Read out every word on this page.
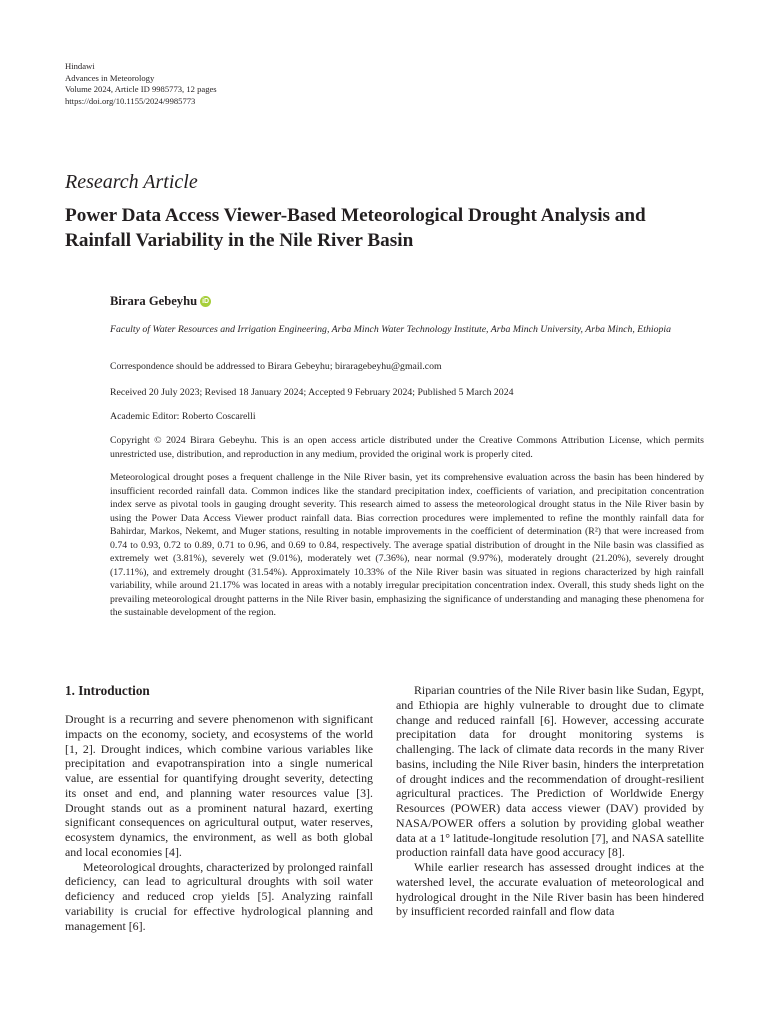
Hindawi
Advances in Meteorology
Volume 2024, Article ID 9985773, 12 pages
https://doi.org/10.1155/2024/9985773
Research Article
Power Data Access Viewer-Based Meteorological Drought Analysis and Rainfall Variability in the Nile River Basin
Birara Gebeyhu iD
Faculty of Water Resources and Irrigation Engineering, Arba Minch Water Technology Institute, Arba Minch University, Arba Minch, Ethiopia
Correspondence should be addressed to Birara Gebeyhu; biraragebeyhu@gmail.com
Received 20 July 2023; Revised 18 January 2024; Accepted 9 February 2024; Published 5 March 2024
Academic Editor: Roberto Coscarelli
Copyright © 2024 Birara Gebeyhu. This is an open access article distributed under the Creative Commons Attribution License, which permits unrestricted use, distribution, and reproduction in any medium, provided the original work is properly cited.
Meteorological drought poses a frequent challenge in the Nile River basin, yet its comprehensive evaluation across the basin has been hindered by insufficient recorded rainfall data. Common indices like the standard precipitation index, coefficients of variation, and precipitation concentration index serve as pivotal tools in gauging drought severity. This research aimed to assess the meteorological drought status in the Nile River basin by using the Power Data Access Viewer product rainfall data. Bias correction procedures were implemented to refine the monthly rainfall data for Bahirdar, Markos, Nekemt, and Muger stations, resulting in notable improvements in the coefficient of determination (R²) that were increased from 0.74 to 0.93, 0.72 to 0.89, 0.71 to 0.96, and 0.69 to 0.84, respectively. The average spatial distribution of drought in the Nile basin was classified as extremely wet (3.81%), severely wet (9.01%), moderately wet (7.36%), near normal (9.97%), moderately drought (21.20%), severely drought (17.11%), and extremely drought (31.54%). Approximately 10.33% of the Nile River basin was situated in regions characterized by high rainfall variability, while around 21.17% was located in areas with a notably irregular precipitation concentration index. Overall, this study sheds light on the prevailing meteorological drought patterns in the Nile River basin, emphasizing the significance of understanding and managing these phenomena for the sustainable development of the region.
1. Introduction

Drought is a recurring and severe phenomenon with significant impacts on the economy, society, and ecosystems of the world [1, 2]. Drought indices, which combine various variables like precipitation and evapotranspiration into a single numerical value, are essential for quantifying drought severity, detecting its onset and end, and planning water resources value [3]. Drought stands out as a prominent natural hazard, exerting significant consequences on agricultural output, water reserves, ecosystem dynamics, the environment, as well as both global and local economies [4].

Meteorological droughts, characterized by prolonged rainfall deficiency, can lead to agricultural droughts with soil water deficiency and reduced crop yields [5]. Analyzing rainfall variability is crucial for effective hydrological planning and management [6].

Riparian countries of the Nile River basin like Sudan, Egypt, and Ethiopia are highly vulnerable to drought due to climate change and reduced rainfall [6]. However, accessing accurate precipitation data for drought monitoring systems is challenging. The lack of climate data records in the many River basins, including the Nile River basin, hinders the interpretation of drought indices and the recommendation of drought-resilient agricultural practices. The Prediction of Worldwide Energy Resources (POWER) data access viewer (DAV) provided by NASA/POWER offers a solution by providing global weather data at a 1° latitude-longitude resolution [7], and NASA satellite production rainfall data have good accuracy [8].

While earlier research has assessed drought indices at the watershed level, the accurate evaluation of meteorological and hydrological drought in the Nile River basin has been hindered by insufficient recorded rainfall and flow data
